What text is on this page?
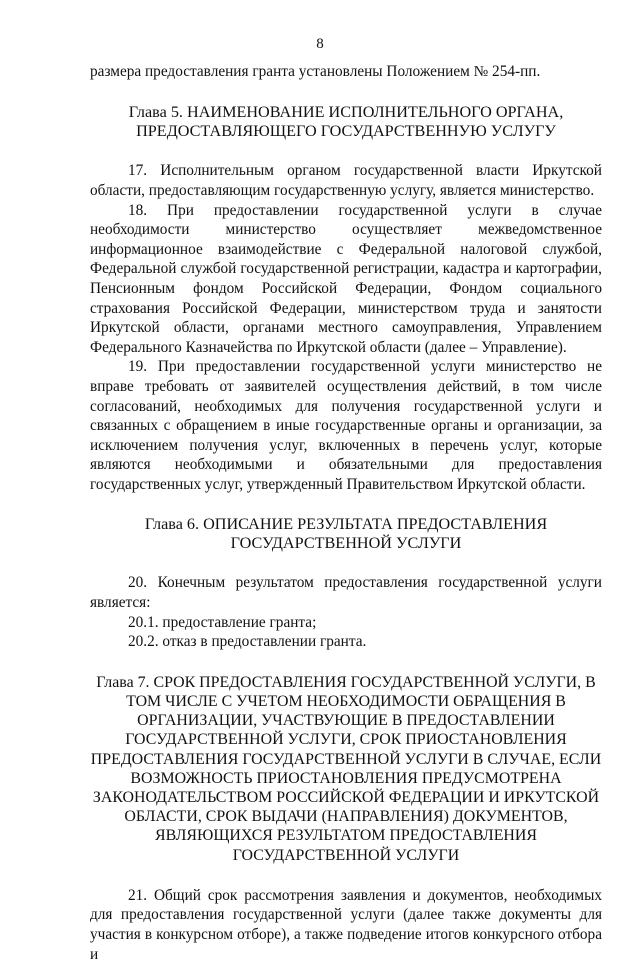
8

размера предоставления гранта установлены Положением № 254-пп.

Глава 5. НАИМЕНОВАНИЕ ИСПОЛНИТЕЛЬНОГО ОРГАНА, ПРЕДОСТАВЛЯЮЩЕГО ГОСУДАРСТВЕННУЮ УСЛУГУ

17. Исполнительным органом государственной власти Иркутской области, предоставляющим государственную услугу, является министерство.

18. При предоставлении государственной услуги в случае необходимости министерство осуществляет межведомственное информационное взаимодействие с Федеральной налоговой службой, Федеральной службой государственной регистрации, кадастра и картографии, Пенсионным фондом Российской Федерации, Фондом социального страхования Российской Федерации, министерством труда и занятости Иркутской области, органами местного самоуправления, Управлением Федерального Казначейства по Иркутской области (далее – Управление).

19. При предоставлении государственной услуги министерство не вправе требовать от заявителей осуществления действий, в том числе согласований, необходимых для получения государственной услуги и связанных с обращением в иные государственные органы и организации, за исключением получения услуг, включенных в перечень услуг, которые являются необходимыми и обязательными для предоставления государственных услуг, утвержденный Правительством Иркутской области.

Глава 6. ОПИСАНИЕ РЕЗУЛЬТАТА ПРЕДОСТАВЛЕНИЯ ГОСУДАРСТВЕННОЙ УСЛУГИ

20. Конечным результатом предоставления государственной услуги является:

20.1. предоставление гранта;

20.2. отказ в предоставлении гранта.

Глава 7. СРОК ПРЕДОСТАВЛЕНИЯ ГОСУДАРСТВЕННОЙ УСЛУГИ, В ТОМ ЧИСЛЕ С УЧЕТОМ НЕОБХОДИМОСТИ ОБРАЩЕНИЯ В ОРГАНИЗАЦИИ, УЧАСТВУЮЩИЕ В ПРЕДОСТАВЛЕНИИ ГОСУДАРСТВЕННОЙ УСЛУГИ, СРОК ПРИОСТАНОВЛЕНИЯ ПРЕДОСТАВЛЕНИЯ ГОСУДАРСТВЕННОЙ УСЛУГИ В СЛУЧАЕ, ЕСЛИ ВОЗМОЖНОСТЬ ПРИОСТАНОВЛЕНИЯ ПРЕДУСМОТРЕНА ЗАКОНОДАТЕЛЬСТВОМ РОССИЙСКОЙ ФЕДЕРАЦИИ И ИРКУТСКОЙ ОБЛАСТИ, СРОК ВЫДАЧИ (НАПРАВЛЕНИЯ) ДОКУМЕНТОВ, ЯВЛЯЮЩИХСЯ РЕЗУЛЬТАТОМ ПРЕДОСТАВЛЕНИЯ ГОСУДАРСТВЕННОЙ УСЛУГИ

21. Общий срок рассмотрения заявления и документов, необходимых для предоставления государственной услуги (далее также документы для участия в конкурсном отборе), а также подведение итогов конкурсного отбора и
